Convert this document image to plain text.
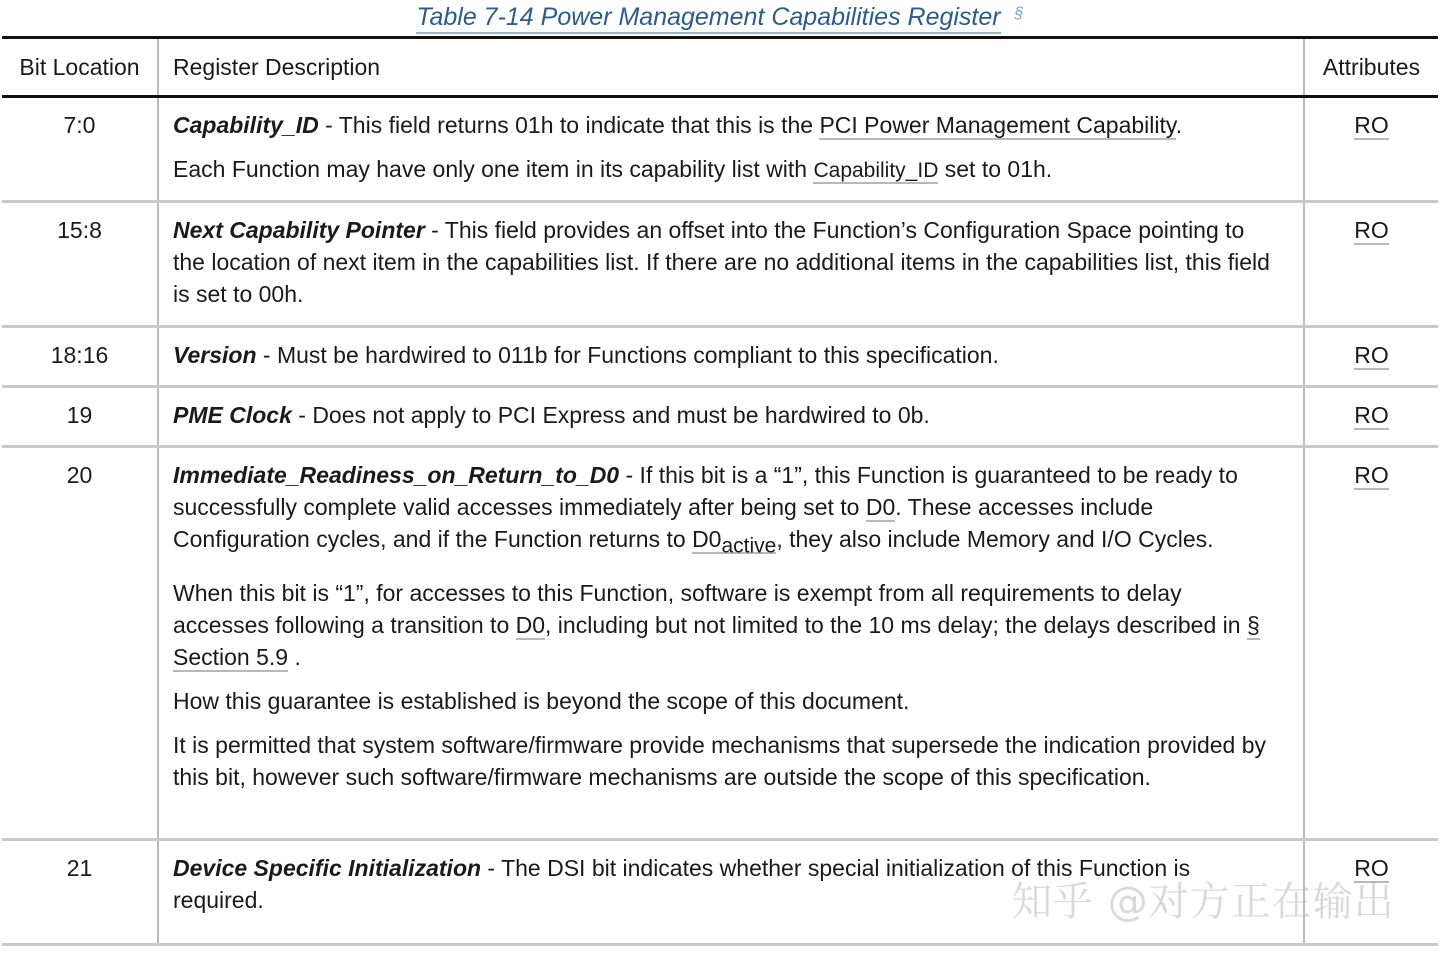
Table 7-14 Power Management Capabilities Register §
Bit Location	Register Description	Attributes
7:0	Capability_ID - This field returns 01h to indicate that this is the PCI Power Management Capability.

Each Function may have only one item in its capability list with Capability_ID set to 01h.	RO
15:8	Next Capability Pointer - This field provides an offset into the Function’s Configuration Space pointing to the location of next item in the capabilities list. If there are no additional items in the capabilities list, this field is set to 00h.	RO
18:16	Version - Must be hardwired to 011b for Functions compliant to this specification.	RO
19	PME Clock - Does not apply to PCI Express and must be hardwired to 0b.	RO
20	Immediate_Readiness_on_Return_to_D0 - If this bit is a “1”, this Function is guaranteed to be ready to successfully complete valid accesses immediately after being set to D0. These accesses include Configuration cycles, and if the Function returns to $D0_{active}$, they also include Memory and I/O Cycles.

When this bit is “1”, for accesses to this Function, software is exempt from all requirements to delay accesses following a transition to D0, including but not limited to the 10 ms delay; the delays described in § Section 5.9 .

How this guarantee is established is beyond the scope of this document.

It is permitted that system software/firmware provide mechanisms that supersede the indication provided by this bit, however such software/firmware mechanisms are outside the scope of this specification.	RO
21	Device Specific Initialization - The DSI bit indicates whether special initialization of this Function is required.	RO
知乎 @对方正在输出
